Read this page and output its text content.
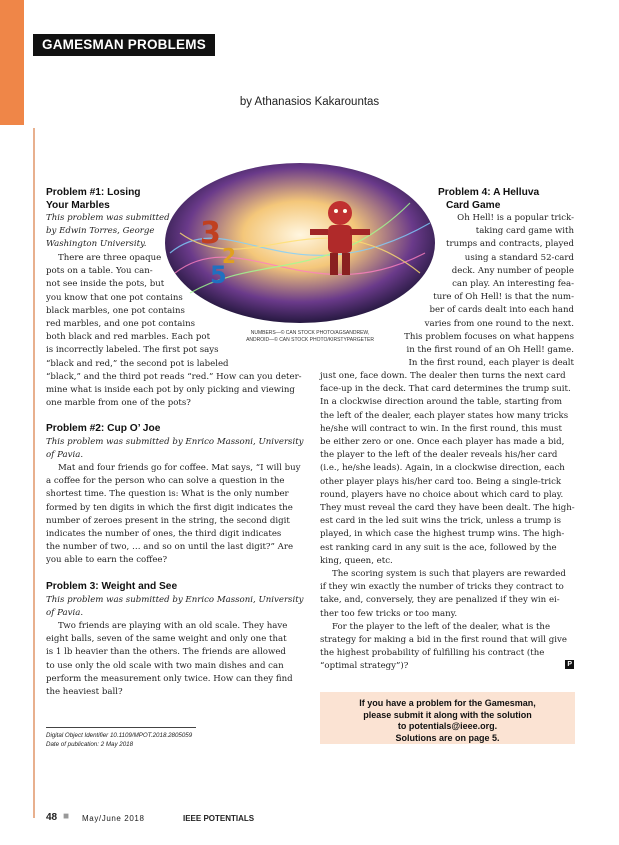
GAMESMAN PROBLEMS
by Athanasios Kakarountas
3
2
5
NUMBERS—© CAN STOCK PHOTO/AGSANDREW,
ANDROID—© CAN STOCK PHOTO/KIRSTYPARGETER
Problem #1: Losing
Your Marbles
This problem was submitted
by Edwin Torres, George
Washington University.
There are three opaque
pots on a table. You can-
not see inside the pots, but
you know that one pot contains
black marbles, one pot contains
red marbles, and one pot contains
both black and red marbles. Each pot
is incorrectly labeled. The first pot says
“black and red,” the second pot is labeled
“black,” and the third pot reads “red.” How can you deter-
mine what is inside each pot by only picking and viewing
one marble from one of the pots?
Problem #2: Cup O’ Joe
This problem was submitted by Enrico Massoni, University
of Pavia.
Mat and four friends go for coffee. Mat says, “I will buy
a coffee for the person who can solve a question in the
shortest time. The question is: What is the only number
formed by ten digits in which the first digit indicates the
number of zeroes present in the string, the second digit
indicates the number of ones, the third digit indicates
the number of two, … and so on until the last digit?” Are
you able to earn the coffee?
Problem 3: Weight and See
This problem was submitted by Enrico Massoni, University
of Pavia.
Two friends are playing with an old scale. They have
eight balls, seven of the same weight and only one that
is 1 lb heavier than the others. The friends are allowed
to use only the old scale with two main dishes and can
perform the measurement only twice. How can they find
the heaviest ball?
Problem 4: A Helluva
Card Game
Oh Hell! is a popular trick-
taking card game with
trumps and contracts, played
using a standard 52-card
deck. Any number of people
can play. An interesting fea-
ture of Oh Hell! is that the num-
ber of cards dealt into each hand
varies from one round to the next.
This problem focuses on what happens
in the first round of an Oh Hell! game.
In the first round, each player is dealt
just one, face down. The dealer then turns the next card
face-up in the deck. That card determines the trump suit.
In a clockwise direction around the table, starting from
the left of the dealer, each player states how many tricks
he/she will contract to win. In the first round, this must
be either zero or one. Once each player has made a bid,
the player to the left of the dealer reveals his/her card
(i.e., he/she leads). Again, in a clockwise direction, each
other player plays his/her card too. Being a single-trick
round, players have no choice about which card to play.
They must reveal the card they have been dealt. The high-
est card in the led suit wins the trick, unless a trump is
played, in which case the highest trump wins. The high-
est ranking card in any suit is the ace, followed by the
king, queen, etc.
The scoring system is such that players are rewarded
if they win exactly the number of tricks they contract to
take, and, conversely, they are penalized if they win ei-
ther too few tricks or too many.
For the player to the left of the dealer, what is the
strategy for making a bid in the first round that will give
the highest probability of fulfilling his contract (the
“optimal strategy”)?	P
If you have a problem for the Gamesman,
please submit it along with the solution
to potentials@ieee.org.
Solutions are on page 5.
Digital Object Identifier 10.1109/MPOT.2018.2805059
Date of publication: 2 May 2018
48 ■ May/June 2018	IEEE POTENTIALS
